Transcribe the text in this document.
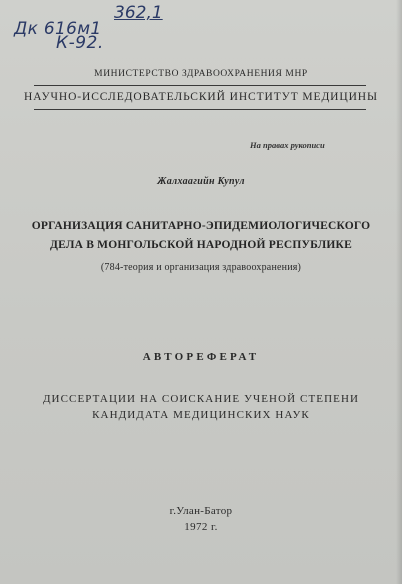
Дк 616м1
362,1
К-92.
МИНИСТЕРСТВО ЗДРАВООХРАНЕНИЯ МНР
НАУЧНО-ИССЛЕДОВАТЕЛЬСКИЙ ИНСТИТУТ МЕДИЦИНЫ
На правах рукописи
Жалхаагийн Купул
ОРГАНИЗАЦИЯ САНИТАРНО-ЭПИДЕМИОЛОГИЧЕСКОГО
ДЕЛА В МОНГОЛЬСКОЙ НАРОДНОЙ РЕСПУБЛИКЕ
(784-теория и организация здравоохранения)
АВТОРЕФЕРАТ
ДИССЕРТАЦИИ НА СОИСКАНИЕ УЧЕНОЙ СТЕПЕНИ
КАНДИДАТА МЕДИЦИНСКИХ НАУК
г.Улан-Батор
1972 г.
